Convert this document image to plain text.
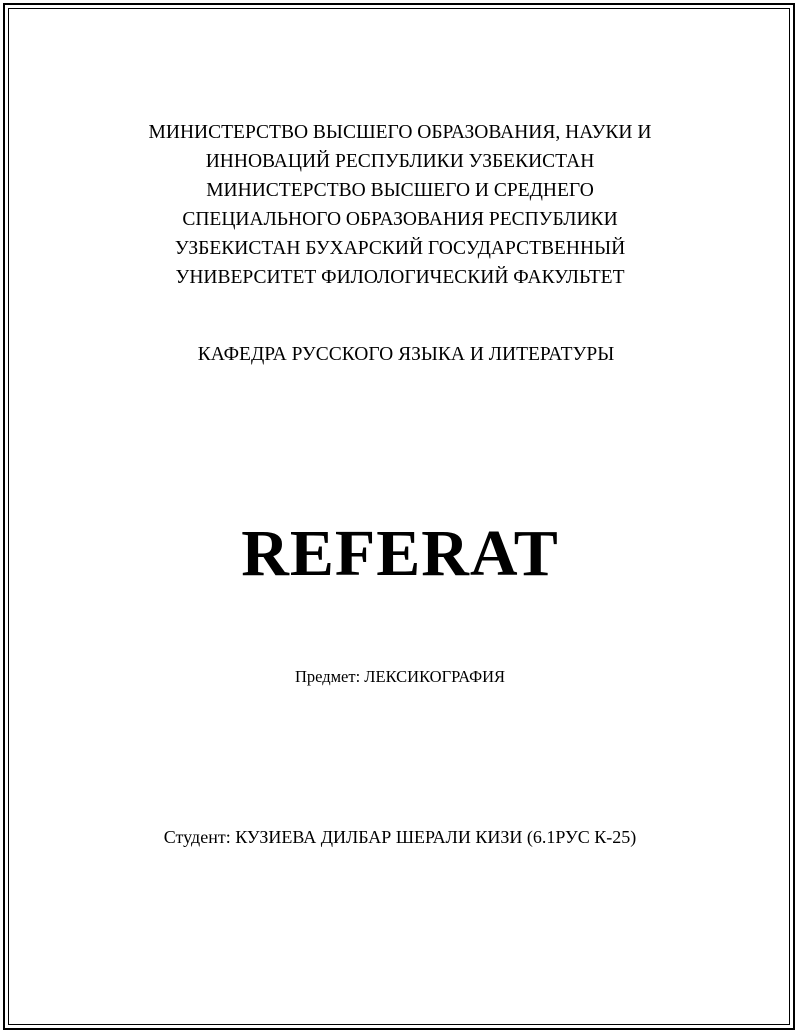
МИНИСТЕРСТВО ВЫСШЕГО ОБРАЗОВАНИЯ, НАУКИ И
ИННОВАЦИЙ РЕСПУБЛИКИ УЗБЕКИСТАН
МИНИСТЕРСТВО ВЫСШЕГО И СРЕДНЕГО
СПЕЦИАЛЬНОГО ОБРАЗОВАНИЯ РЕСПУБЛИКИ
УЗБЕКИСТАН БУХАРСКИЙ ГОСУДАРСТВЕННЫЙ
УНИВЕРСИТЕТ ФИЛОЛОГИЧЕСКИЙ ФАКУЛЬТЕТ
КАФЕДРА РУССКОГО ЯЗЫКА И ЛИТЕРАТУРЫ
REFERAT
Предмет: ЛЕКСИКОГРАФИЯ
Студент: КУЗИЕВА ДИЛБАР ШЕРАЛИ КИЗИ (6.1РУС К-25)
